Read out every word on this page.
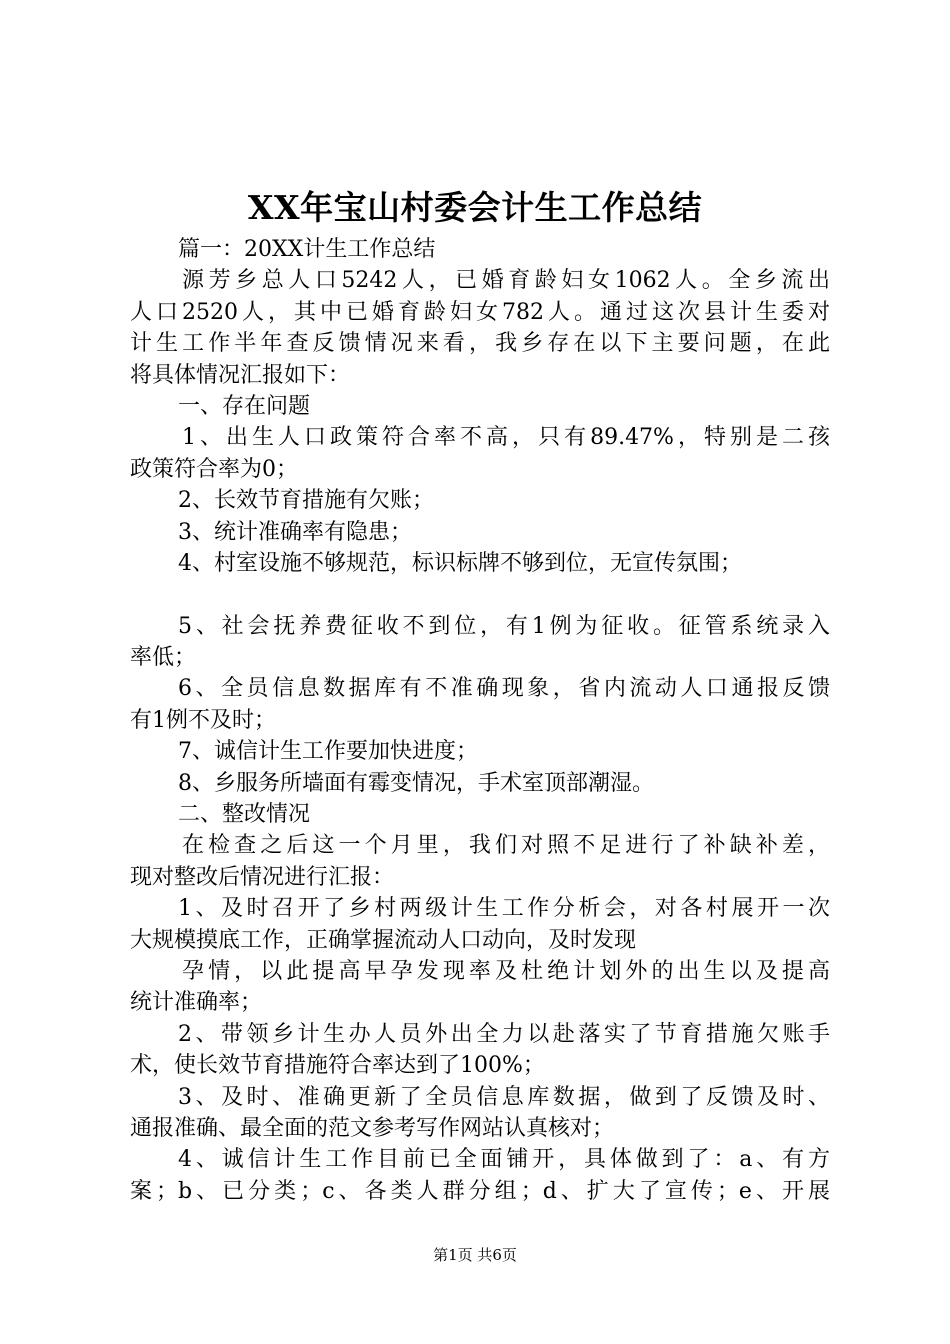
XX年宝山村委会计生工作总结
篇一：20XX计生工作总结
源芳乡总人口5242人，已婚育龄妇女1062人。全乡流出
人口2520人，其中已婚育龄妇女782人。通过这次县计生委对
计生工作半年查反馈情况来看，我乡存在以下主要问题，在此
将具体情况汇报如下：
一、存在问题
1、出生人口政策符合率不高，只有89.47%，特别是二孩
政策符合率为0；
2、长效节育措施有欠账；
3、统计准确率有隐患；
4、村室设施不够规范，标识标牌不够到位，无宣传氛围；
5、社会抚养费征收不到位，有1例为征收。征管系统录入
率低；
6、全员信息数据库有不准确现象，省内流动人口通报反馈
有1例不及时；
7、诚信计生工作要加快进度；
8、乡服务所墙面有霉变情况，手术室顶部潮湿。
二、整改情况
在检查之后这一个月里，我们对照不足进行了补缺补差，
现对整改后情况进行汇报：
1、及时召开了乡村两级计生工作分析会，对各村展开一次
大规模摸底工作，正确掌握流动人口动向，及时发现
孕情，以此提高早孕发现率及杜绝计划外的出生以及提高
统计准确率；
2、带领乡计生办人员外出全力以赴落实了节育措施欠账手
术，使长效节育措施符合率达到了100%；
3、及时、准确更新了全员信息库数据，做到了反馈及时、
通报准确、最全面的范文参考写作网站认真核对；
4、诚信计生工作目前已全面铺开，具体做到了：a、有方
案；b、已分类；c、各类人群分组；d、扩大了宣传；e、开展
第1页 共6页
